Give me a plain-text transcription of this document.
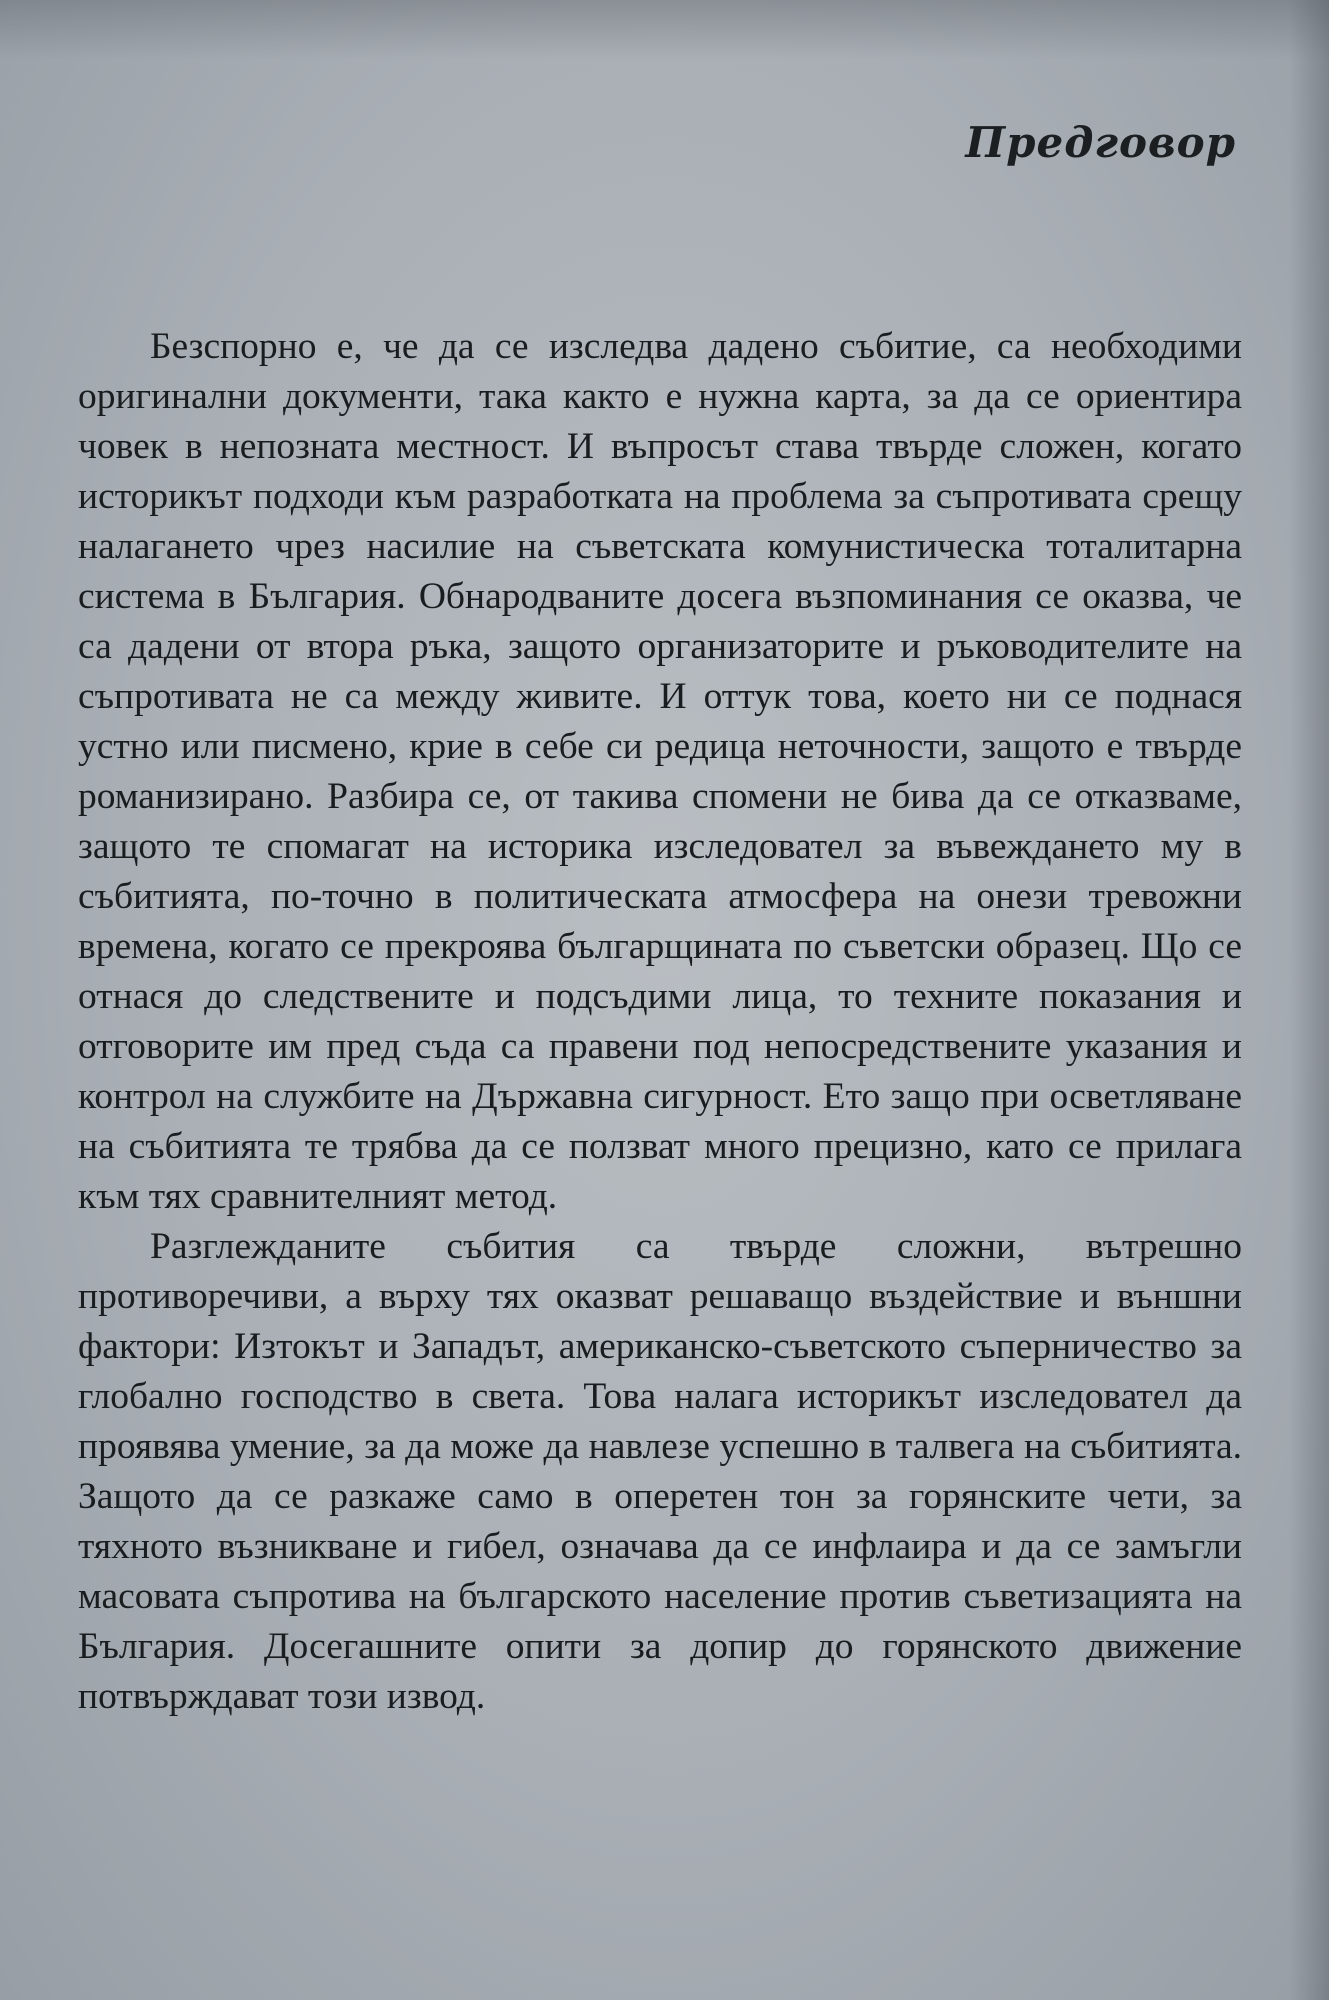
Предговор

Безспорно е, че да се изследва дадено събитие, са необходими оригинални документи, така както е нужна карта, за да се ориентира човек в непозната местност. И въпросът става твърде сложен, когато историкът подходи към разработката на проблема за съпротивата срещу налагането чрез насилие на съветската комунистическа тоталитарна система в България. Обнародваните досега възпоминания се оказва, че са дадени от втора ръка, защото организаторите и ръководителите на съпротивата не са между живите. И оттук това, което ни се поднася устно или писмено, крие в себе си редица неточности, защото е твърде романизирано. Разбира се, от такива спомени не бива да се отказваме, защото те спомагат на историка изследовател за въвеждането му в събитията, по-точно в политическата атмосфера на онези тревожни времена, когато се прекроява българщината по съветски образец. Що се отнася до следствените и подсъдими лица, то техните показания и отговорите им пред съда са правени под непосредствените указания и контрол на службите на Държавна сигурност. Ето защо при осветляване на събитията те трябва да се ползват много прецизно, като се прилага към тях сравнителният метод.

Разглежданите събития са твърде сложни, вътрешно противоречиви, а върху тях оказват решаващо въздействие и външни фактори: Изтокът и Западът, американско-съветското съперничество за глобално господство в света. Това налага историкът изследовател да проявява умение, за да може да навлезе успешно в талвега на събитията. Защото да се разкаже само в оперетен тон за горянските чети, за тяхното възникване и гибел, означава да се инфлаира и да се замъгли масовата съпротива на българското население против съветизацията на България. Досегашните опити за допир до горянското движение потвърждават този извод.
